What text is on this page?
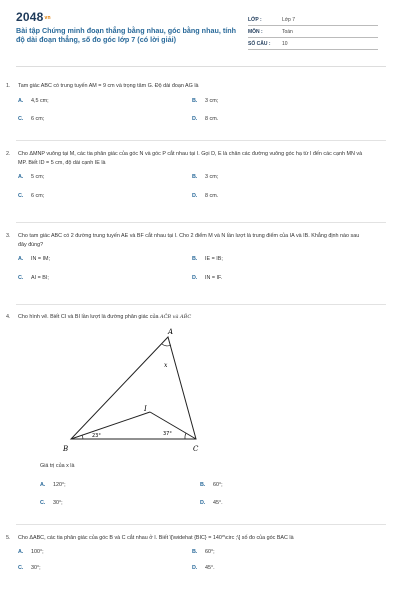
2048vn
Bài tập Chứng minh đoạn thẳng bằng nhau, góc bằng nhau, tính độ dài đoạn thẳng, số đo góc lớp 7 (có lời giải)
LỚP :	Lớp 7
MÔN :	Toán
SỐ CÂU :	10
1.	Tam giác ABC có trung tuyến AM = 9 cm và trọng tâm G. Độ dài đoạn AG là
A.	4,5 cm;	B.	3 cm;
C.	6 cm;	D.	8 cm.
2.	Cho ΔMNP vuông tại M, các tia phân giác của góc N và góc P cắt nhau tại I. Gọi D, E là chân các đường vuông góc hạ từ I đến các cạnh MN và MP. Biết ID = 5 cm, độ dài cạnh IE là
A.	5 cm;	B.	3 cm;
C.	6 cm;	D.	8 cm.
3.	Cho tam giác ABC có 2 đường trung tuyến AE và BF cắt nhau tại I. Cho 2 điểm M và N lần lượt là trung điểm của IA và IB. Khẳng định nào sau đây đúng?
A.	IN = IM;	B.	IE = IB;
C.	AI = BI;	D.	IN = IF.
4.	Cho hình vẽ. Biết CI và BI lần lượt là đường phân giác của AĈB và AB̂C
A
B	C
I
x
23°	37°
Giá trị của x là
A.	120°;	B.	60°;
C.	30°;	D.	45°.
5.	Cho ΔABC, các tia phân giác của góc B và C cắt nhau ở I. Biết \[\widehat {BIC} = 140^\circ ;\] số đo của góc BAC là
A.	100°;	B.	60°;
C.	30°;	D.	45°.
